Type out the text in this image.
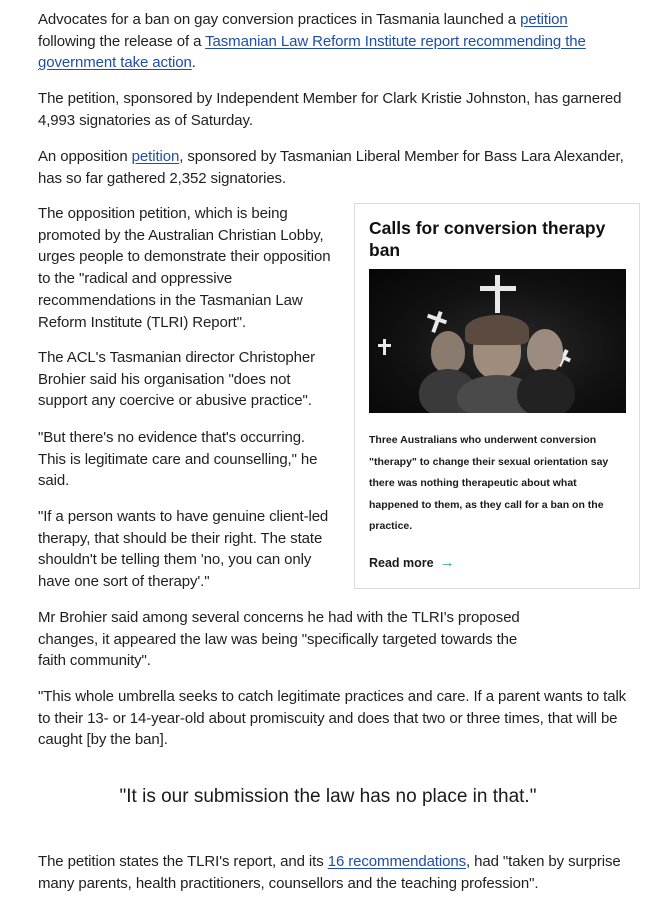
Advocates for a ban on gay conversion practices in Tasmania launched a petition following the release of a Tasmanian Law Reform Institute report recommending the government take action.

The petition, sponsored by Independent Member for Clark Kristie Johnston, has garnered 4,993 signatories as of Saturday.

An opposition petition, sponsored by Tasmanian Liberal Member for Bass Lara Alexander, has so far gathered 2,352 signatories.

The opposition petition, which is being promoted by the Australian Christian Lobby, urges people to demonstrate their opposition to the "radical and oppressive recommendations in the Tasmanian Law Reform Institute (TLRI) Report".

The ACL's Tasmanian director Christopher Brohier said his organisation "does not support any coercive or abusive practice".

"But there's no evidence that's occurring. This is legitimate care and counselling," he said.

"If a person wants to have genuine client-led therapy, that should be their right. The state shouldn't be telling them 'no, you can only have one sort of therapy'."

Mr Brohier said among several concerns he had with the TLRI's proposed changes, it appeared the law was being "specifically targeted towards the faith community".

"This whole umbrella seeks to catch legitimate practices and care. If a parent wants to talk to their 13- or 14-year-old about promiscuity and does that two or three times, that will be caught [by the ban].

"It is our submission the law has no place in that."

The petition states the TLRI's report, and its 16 recommendations, had "taken by surprise many parents, health practitioners, counsellors and the teaching profession".

Calls for conversion therapy ban

Three Australians who underwent conversion "therapy" to change their sexual orientation say there was nothing therapeutic about what happened to them, as they call for a ban on the practice.

Read more →
